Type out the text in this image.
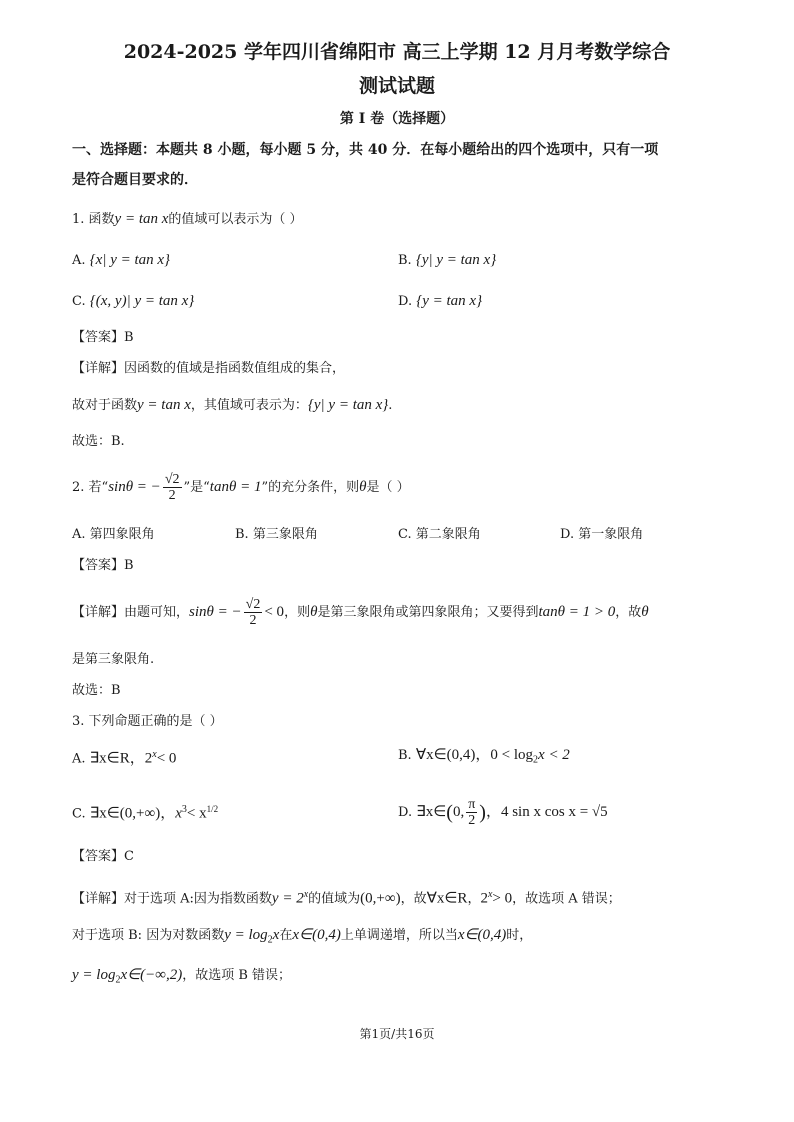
2024-2025 学年四川省绵阳市 高三上学期 12 月月考数学综合
测试试题
第 I 卷（选择题）
一、选择题：本题共 8 小题，每小题 5 分，共 40 分．在每小题给出的四个选项中，只有一项
是符合题目要求的．
1. 函数y = tan x的值域可以表示为（ ）
A. {x| y = tan x}	B. {y| y = tan x}
C. {(x, y)| y = tan x}	D. {y = tan x}
【答案】B
【详解】因函数的值域是指函数值组成的集合，
故对于函数y = tan x，其值域可表示为：{y| y = tan x}.
故选：B.
2. 若“sinθ = − $\frac{√2}{2}$ ”是“tanθ = 1”的充分条件，则θ是（ ）
A. 第四象限角	B. 第三象限角	C. 第二象限角	D. 第一象限角
【答案】B
【详解】由题可知，sinθ = − $\frac{√2}{2} < 0$，则θ是第三象限角或第四象限角；又要得到tanθ = 1 > 0，故θ
是第三象限角.
故选：B
3. 下列命题正确的是（ ）
A. ∃x∈R，$2^x< 0$	B. ∀x∈(0,4)，$0 < \log_2x < 2$
C. ∃x∈(0,+∞)，$x^3< x^{1/2}$	D. ∃x∈(0, $\frac{\pi}{2}$ )，4 sin x cos x = √5
【答案】C
【详解】对于选项 A:因为指数函数$y = 2^x$的值域为(0,+∞)，故∀x∈R，$2^x> 0$，故选项 A 错误；
对于选项 B: 因为对数函数$y = \log_2x$在x∈(0,4)上单调递增，所以当x∈(0,4)时，
$y = \log_2x\in(-\infty,2)$，故选项 B 错误；
第1页/共16页
